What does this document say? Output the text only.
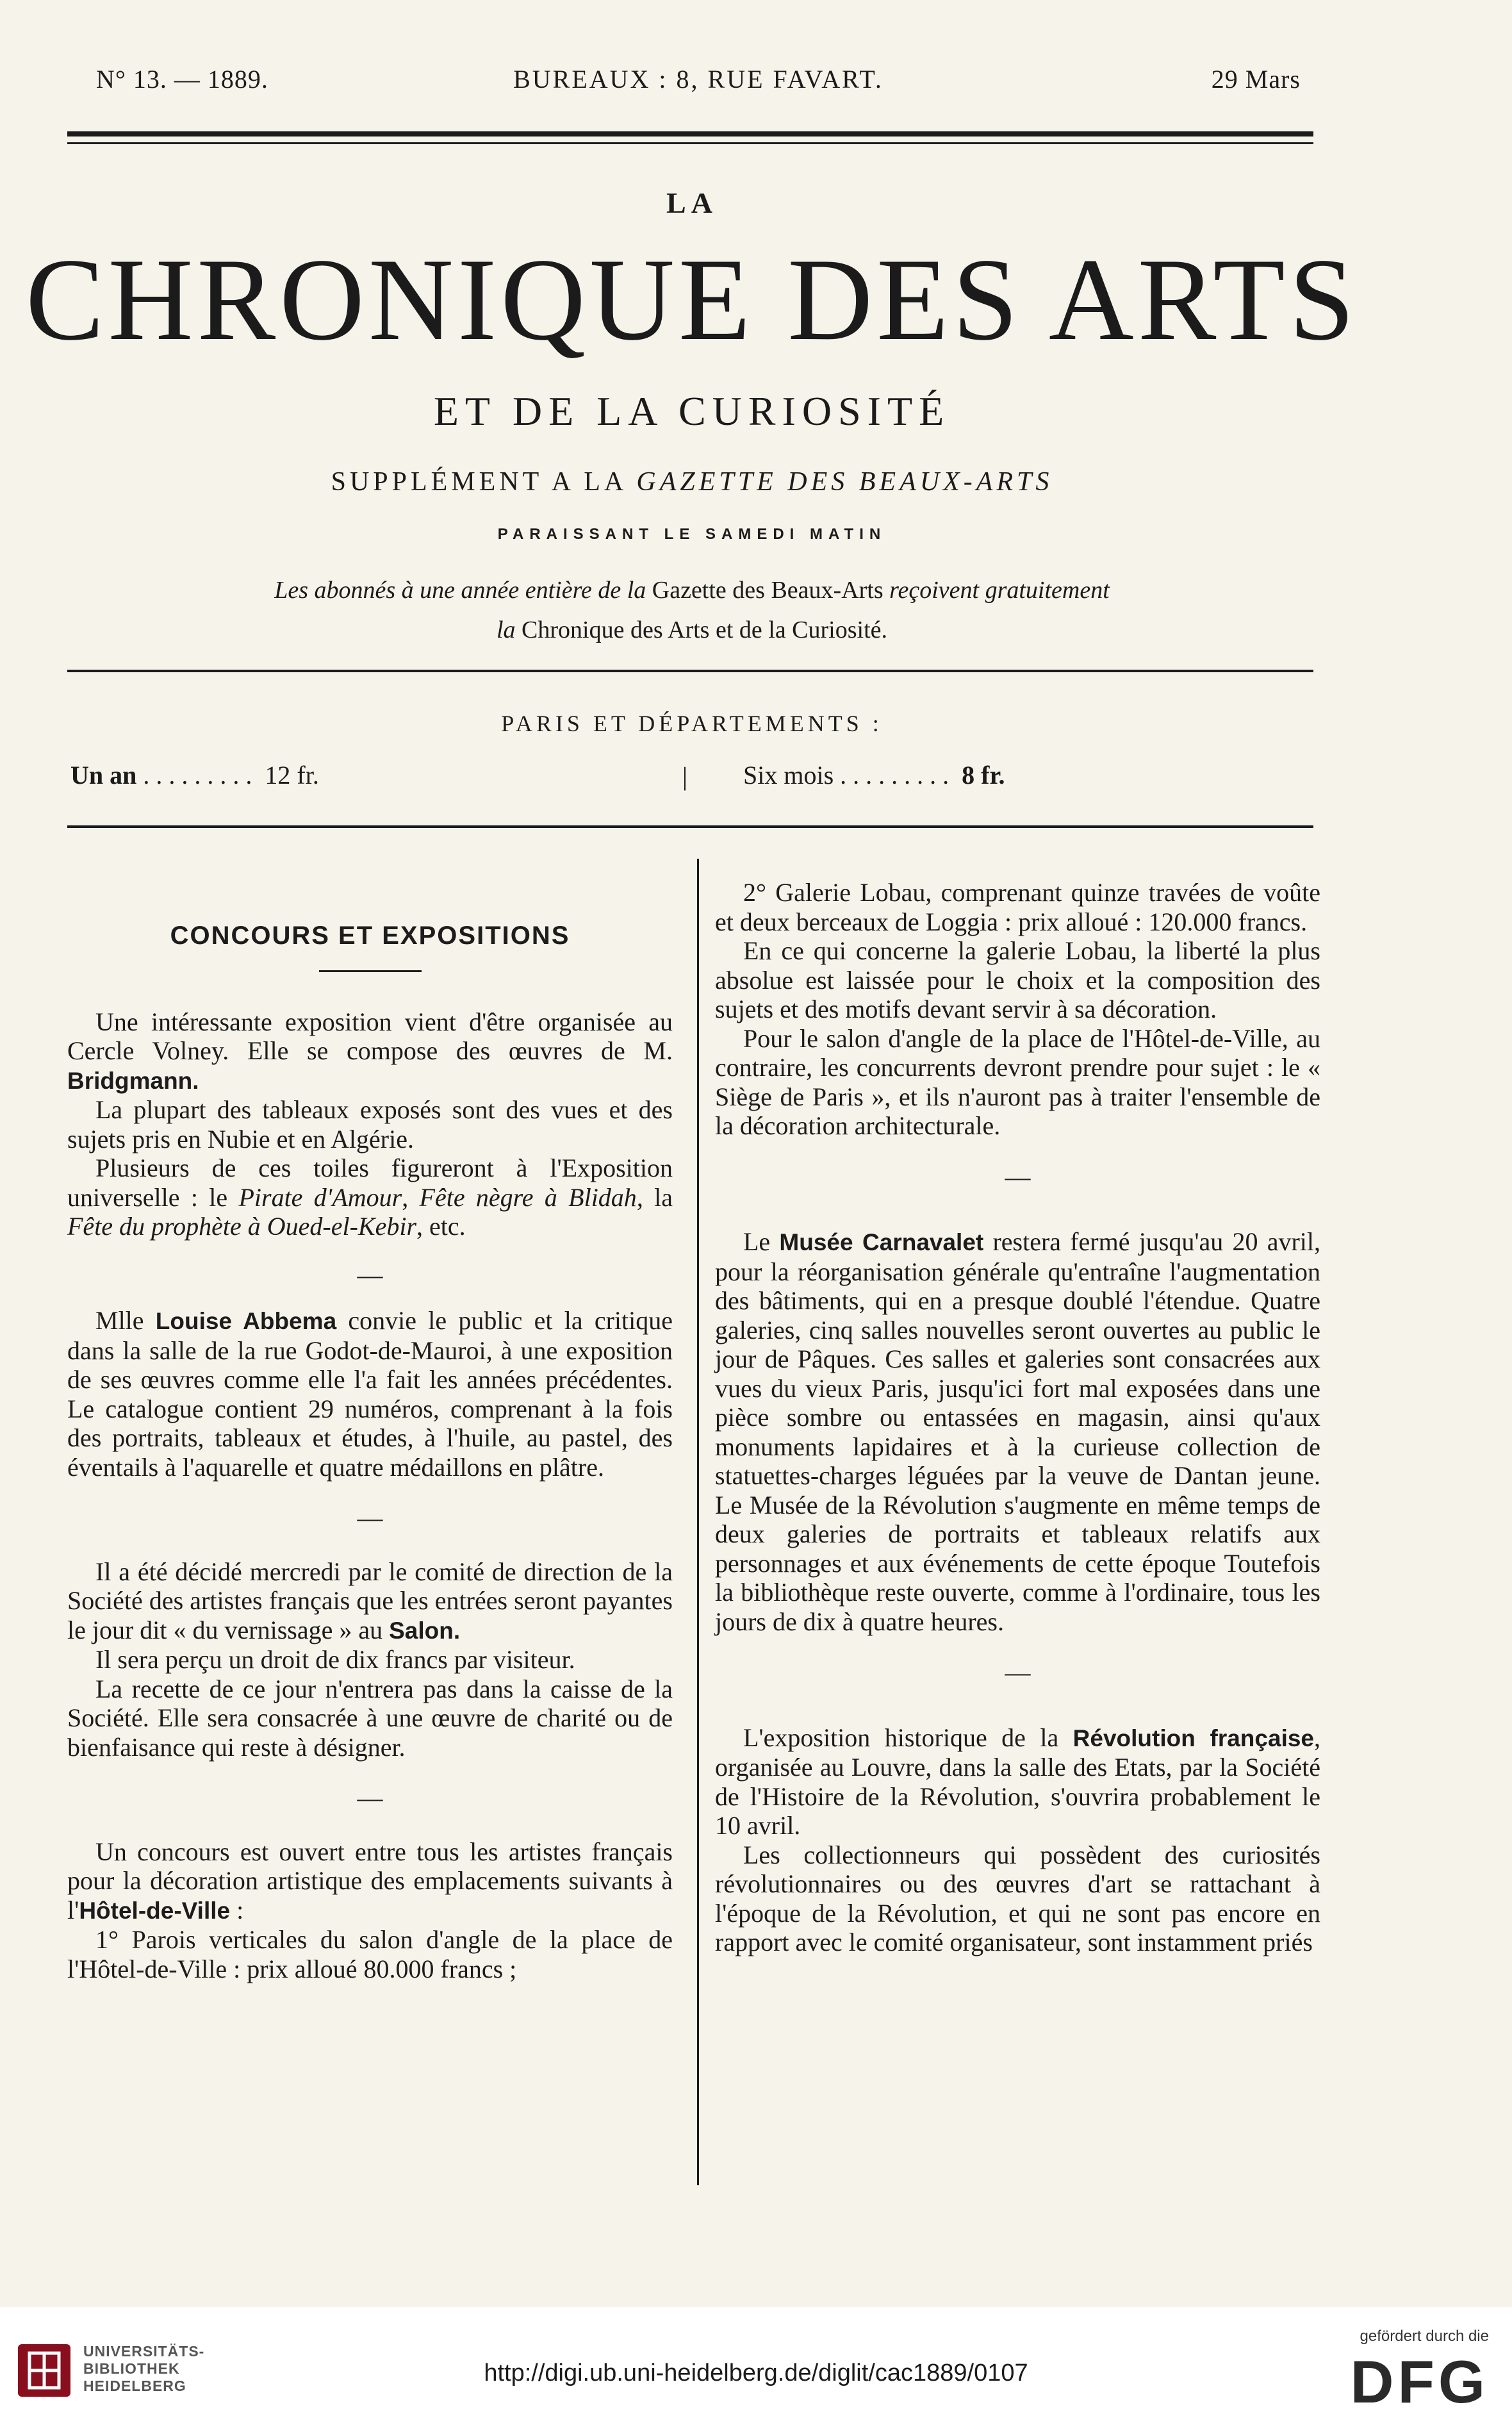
N° 13. — 1889.	BUREAUX : 8, RUE FAVART.	29 Mars
LA
CHRONIQUE DES ARTS
ET DE LA CURIOSITÉ
SUPPLÉMENT A LA GAZETTE DES BEAUX-ARTS
PARAISSANT LE SAMEDI MATIN
Les abonnés à une année entière de la Gazette des Beaux-Arts reçoivent gratuitement
la Chronique des Arts et de la Curiosité.
PARIS ET DÉPARTEMENTS :
Un an . . . . . . . . . 12 fr.	| Six mois . . . . . . . . . 8 fr.
CONCOURS ET EXPOSITIONS

Une intéressante exposition vient d'être organisée au Cercle Volney. Elle se compose des œuvres de M. Bridgmann.

La plupart des tableaux exposés sont des vues et des sujets pris en Nubie et en Algérie.

Plusieurs de ces toiles figureront à l'Exposition universelle : le Pirate d'Amour, Fête nègre à Blidah, la Fête du prophète à Oued-el-Kebir, etc.

—

Mlle Louise Abbema convie le public et la critique dans la salle de la rue Godot-de-Mauroi, à une exposition de ses œuvres comme elle l'a fait les années précédentes. Le catalogue contient 29 numéros, comprenant à la fois des portraits, tableaux et études, à l'huile, au pastel, des éventails à l'aquarelle et quatre médaillons en plâtre.

—

Il a été décidé mercredi par le comité de direction de la Société des artistes français que les entrées seront payantes le jour dit « du vernissage » au Salon.

Il sera perçu un droit de dix francs par visiteur.

La recette de ce jour n'entrera pas dans la caisse de la Société. Elle sera consacrée à une œuvre de charité ou de bienfaisance qui reste à désigner.

—

Un concours est ouvert entre tous les artistes français pour la décoration artistique des emplacements suivants à l'Hôtel-de-Ville :

1° Parois verticales du salon d'angle de la place de l'Hôtel-de-Ville : prix alloué 80.000 francs ;

2° Galerie Lobau, comprenant quinze travées de voûte et deux berceaux de Loggia : prix alloué : 120.000 francs.

En ce qui concerne la galerie Lobau, la liberté la plus absolue est laissée pour le choix et la composition des sujets et des motifs devant servir à sa décoration.

Pour le salon d'angle de la place de l'Hôtel-de-Ville, au contraire, les concurrents devront prendre pour sujet : le « Siège de Paris », et ils n'auront pas à traiter l'ensemble de la décoration architecturale.

—

Le Musée Carnavalet restera fermé jusqu'au 20 avril, pour la réorganisation générale qu'entraîne l'augmentation des bâtiments, qui en a presque doublé l'étendue. Quatre galeries, cinq salles nouvelles seront ouvertes au public le jour de Pâques. Ces salles et galeries sont consacrées aux vues du vieux Paris, jusqu'ici fort mal exposées dans une pièce sombre ou entassées en magasin, ainsi qu'aux monuments lapidaires et à la curieuse collection de statuettes-charges léguées par la veuve de Dantan jeune. Le Musée de la Révolution s'augmente en même temps de deux galeries de portraits et tableaux relatifs aux personnages et aux événements de cette époque Toutefois la bibliothèque reste ouverte, comme à l'ordinaire, tous les jours de dix à quatre heures.

—

L'exposition historique de la Révolution française, organisée au Louvre, dans la salle des Etats, par la Société de l'Histoire de la Révolution, s'ouvrira probablement le 10 avril.

Les collectionneurs qui possèdent des curiosités révolutionnaires ou des œuvres d'art se rattachant à l'époque de la Révolution, et qui ne sont pas encore en rapport avec le comité organisateur, sont instamment priés

UNIVERSITÄTS-
BIBLIOTHEK
HEIDELBERG	http://digi.ub.uni-heidelberg.de/diglit/cac1889/0107
gefördert durch die
DFG
